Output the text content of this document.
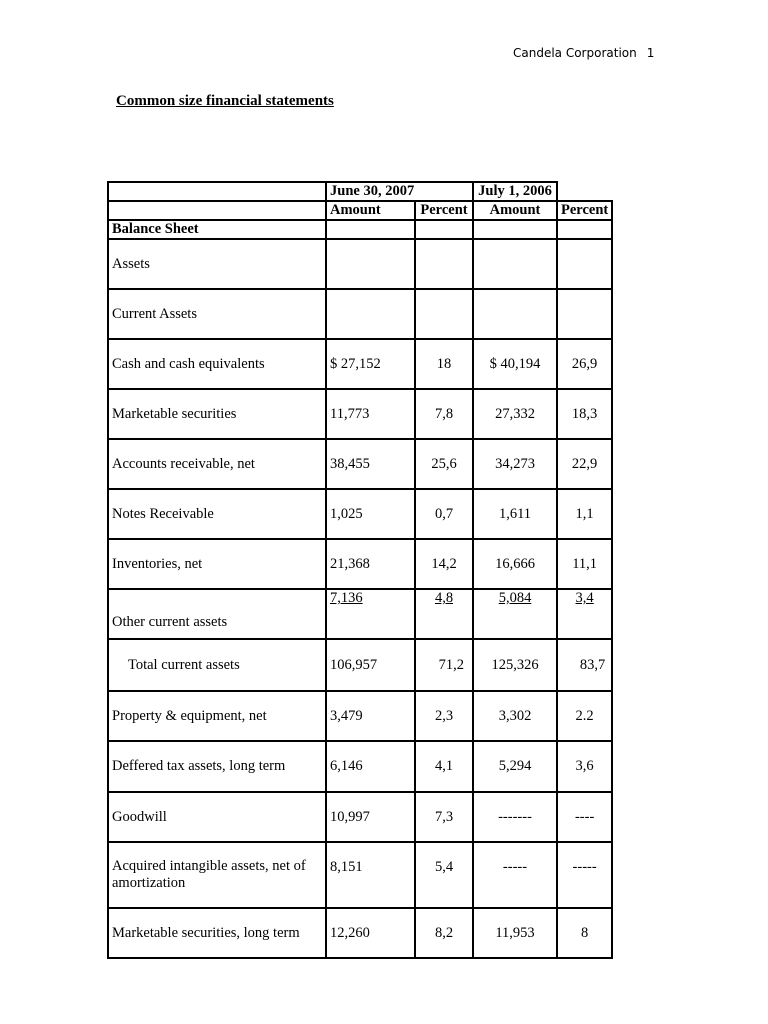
Candela Corporation 1
Common size financial statements
	June 30, 2007		July 1, 2006	
	Amount	Percent	Amount	Percent
Balance Sheet				
Assets				
Current Assets				
Cash and cash equivalents	$ 27,152	18	$ 40,194	26,9
Marketable securities	11,773	7,8	27,332	18,3
Accounts receivable, net	38,455	25,6	34,273	22,9
Notes Receivable	1,025	0,7	1,611	1,1
Inventories, net	21,368	14,2	16,666	11,1
Other current assets	7,136	4,8	5,084	3,4
Total current assets	106,957	71,2	125,326	83,7
Property & equipment, net	3,479	2,3	3,302	2.2
Deffered tax assets, long term	6,146	4,1	5,294	3,6
Goodwill	10,997	7,3	-------	----
Acquired intangible assets, net of amortization	8,151	5,4	-----	-----
Marketable securities, long term	12,260	8,2	11,953	8
